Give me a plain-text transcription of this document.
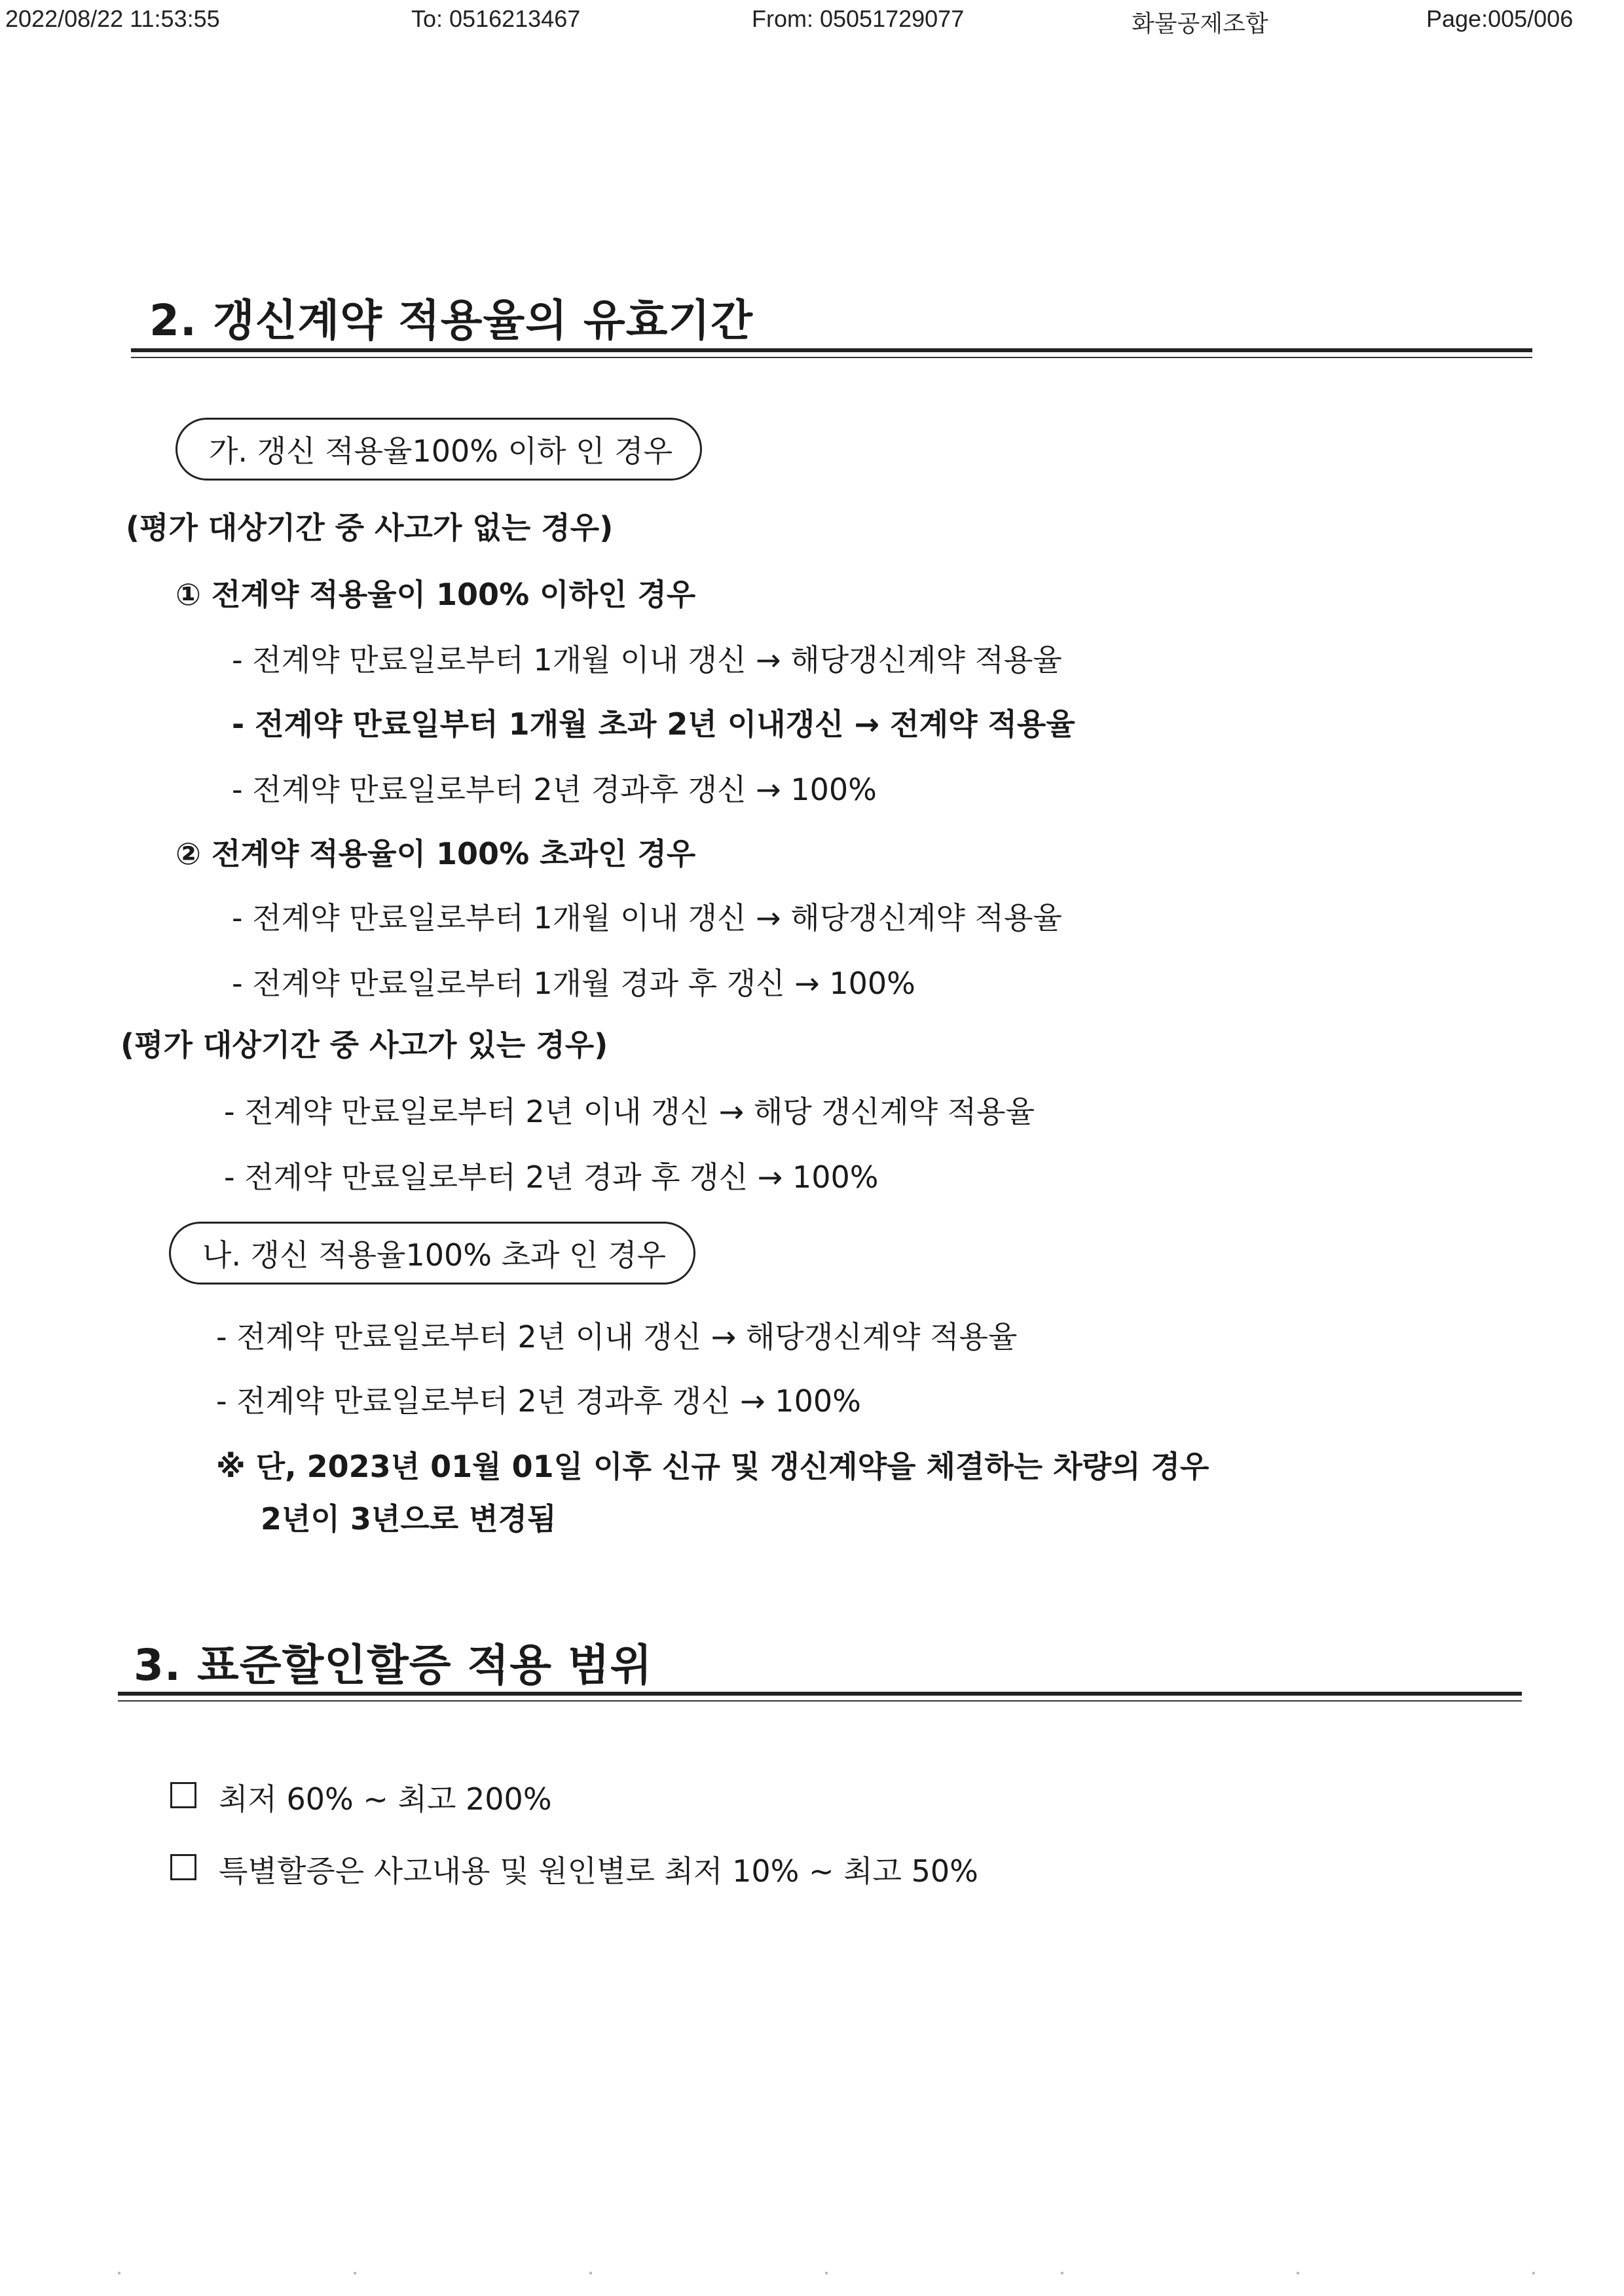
2022/08/22 11:53:55	To: 0516213467	From: 05051729077	화물공제조합	Page:005/006
2. 갱신계약 적용율의 유효기간
가. 갱신 적용율100% 이하 인 경우
(평가 대상기간 중 사고가 없는 경우)
① 전계약 적용율이 100% 이하인 경우
- 전계약 만료일로부터 1개월 이내 갱신 → 해당갱신계약 적용율
- 전계약 만료일부터 1개월 초과 2년 이내갱신 → 전계약 적용율
- 전계약 만료일로부터 2년 경과후 갱신 → 100%
② 전계약 적용율이 100% 초과인 경우
- 전계약 만료일로부터 1개월 이내 갱신 → 해당갱신계약 적용율
- 전계약 만료일로부터 1개월 경과 후 갱신 → 100%
(평가 대상기간 중 사고가 있는 경우)
- 전계약 만료일로부터 2년 이내 갱신 → 해당 갱신계약 적용율
- 전계약 만료일로부터 2년 경과 후 갱신 → 100%
나. 갱신 적용율100% 초과 인 경우
- 전계약 만료일로부터 2년 이내 갱신 → 해당갱신계약 적용율
- 전계약 만료일로부터 2년 경과후 갱신 → 100%
※ 단, 2023년 01월 01일 이후 신규 및 갱신계약을 체결하는 차량의 경우
2년이 3년으로 변경됨
3. 표준할인할증 적용 범위
최저 60% ~ 최고 200%
특별할증은 사고내용 및 원인별로 최저 10% ~ 최고 50%
